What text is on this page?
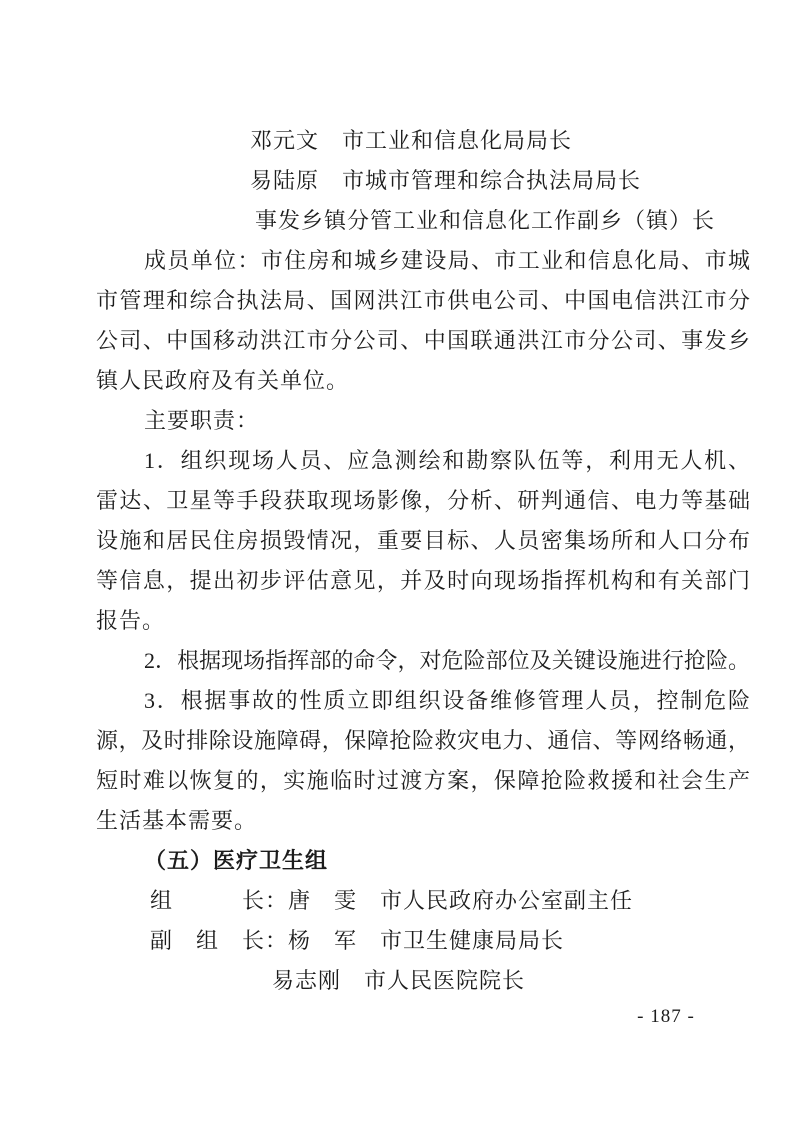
邓元文　市工业和信息化局局长
易陆原　市城市管理和综合执法局局长
事发乡镇分管工业和信息化工作副乡（镇）长
成员单位：市住房和城乡建设局、市工业和信息化局、市城
市管理和综合执法局、国网洪江市供电公司、中国电信洪江市分
公司、中国移动洪江市分公司、中国联通洪江市分公司、事发乡
镇人民政府及有关单位。
主要职责：
1．组织现场人员、应急测绘和勘察队伍等，利用无人机、
雷达、卫星等手段获取现场影像，分析、研判通信、电力等基础
设施和居民住房损毁情况，重要目标、人员密集场所和人口分布
等信息，提出初步评估意见，并及时向现场指挥机构和有关部门
报告。
2．根据现场指挥部的命令，对危险部位及关键设施进行抢险。
3．根据事故的性质立即组织设备维修管理人员，控制危险
源，及时排除设施障碍，保障抢险救灾电力、通信、等网络畅通，
短时难以恢复的，实施临时过渡方案，保障抢险救援和社会生产
生活基本需要。
（五）医疗卫生组
组　　　长：唐　雯　市人民政府办公室副主任
副　组　长：杨　军　市卫生健康局局长
易志刚　市人民医院院长
- 187 -
